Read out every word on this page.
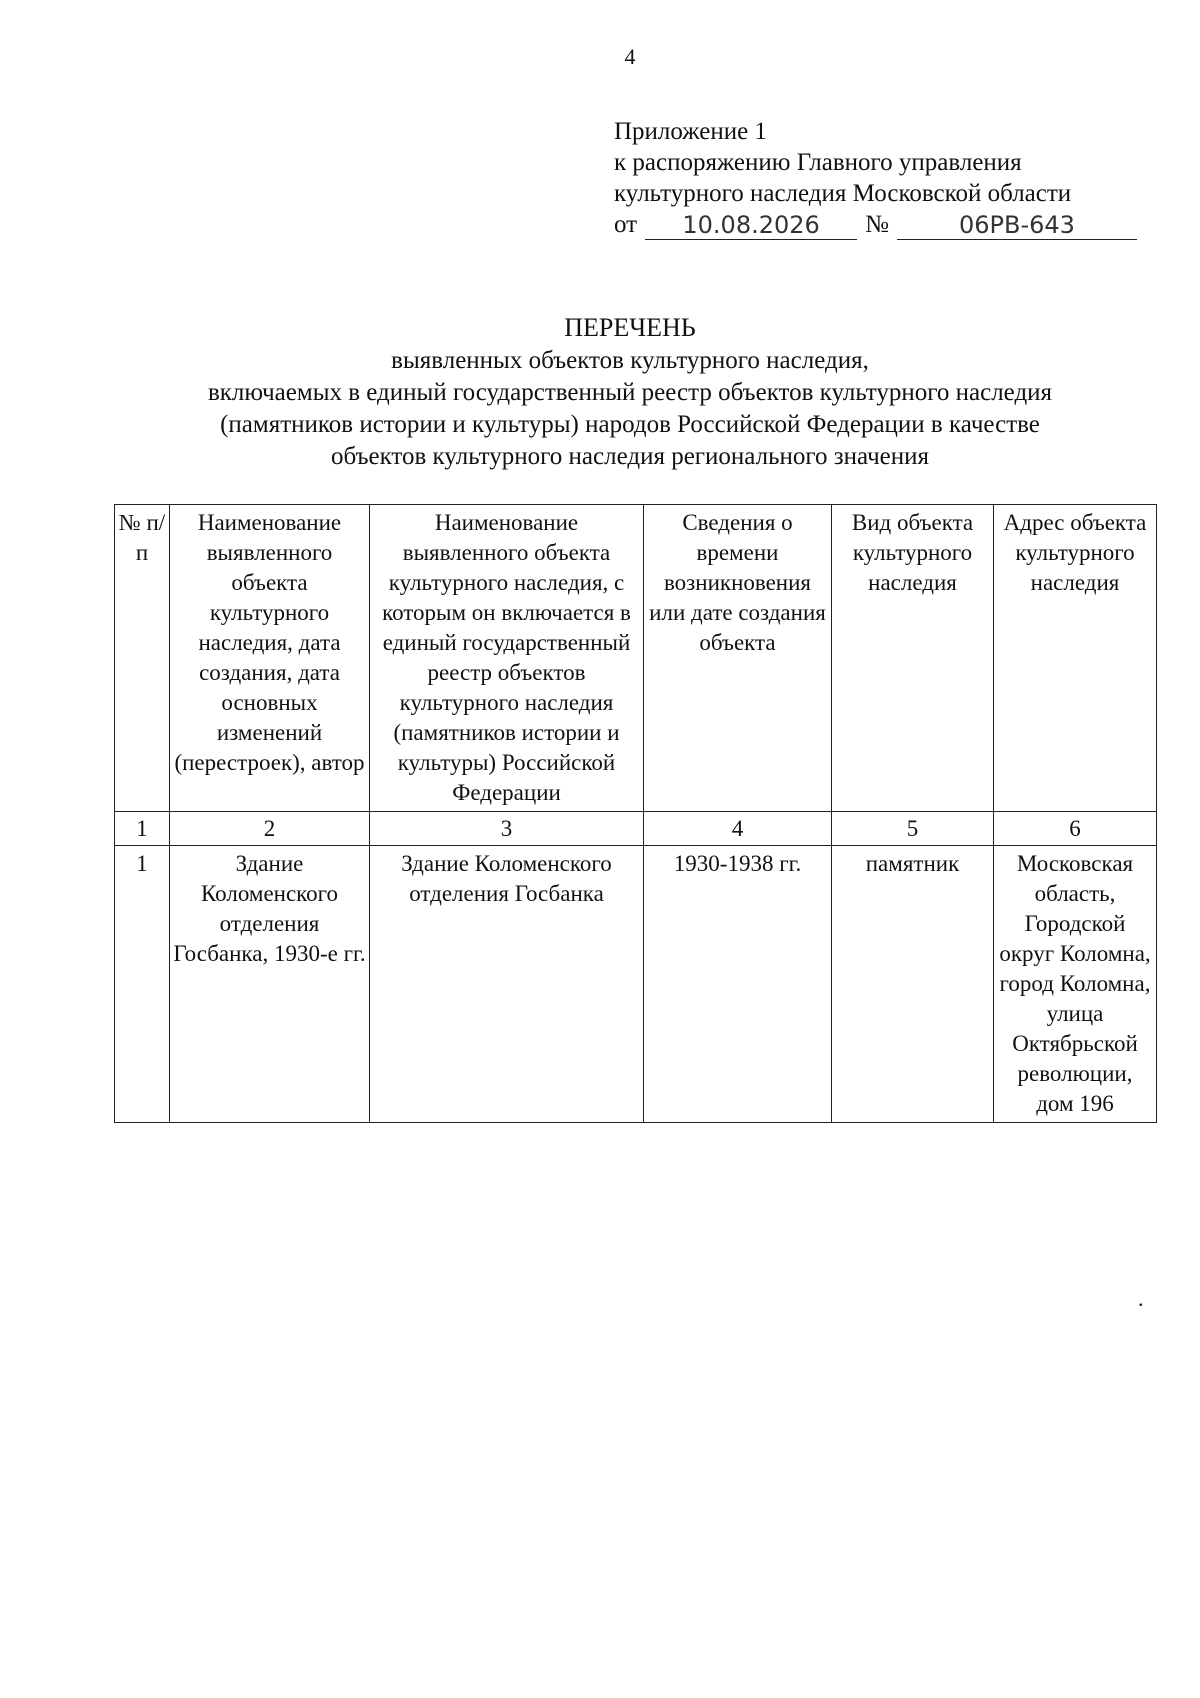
4
Приложение 1
к распоряжению Главного управления
культурного наследия Московской области
от	10.08.2026	№	06РВ-643
ПЕРЕЧЕНЬ
выявленных объектов культурного наследия,
включаемых в единый государственный реестр объектов культурного наследия
(памятников истории и культуры) народов Российской Федерации в качестве
объектов культурного наследия регионального значения
№ п/п	Наименование выявленного объекта культурного наследия, дата создания, дата основных изменений (перестроек), автор	Наименование выявленного объекта культурного наследия, с которым он включается в единый государственный реестр объектов культурного наследия (памятников истории и культуры) Российской Федерации	Сведения о времени возникновения или дате создания объекта	Вид объекта культурного наследия	Адрес объекта культурного наследия
1	2	3	4	5	6
1	Здание Коломенского отделения Госбанка, 1930-е гг.	Здание Коломенского отделения Госбанка	1930-1938 гг.	памятник	Московская область, Городской округ Коломна, город Коломна, улица Октябрьской революции, дом 196
.
